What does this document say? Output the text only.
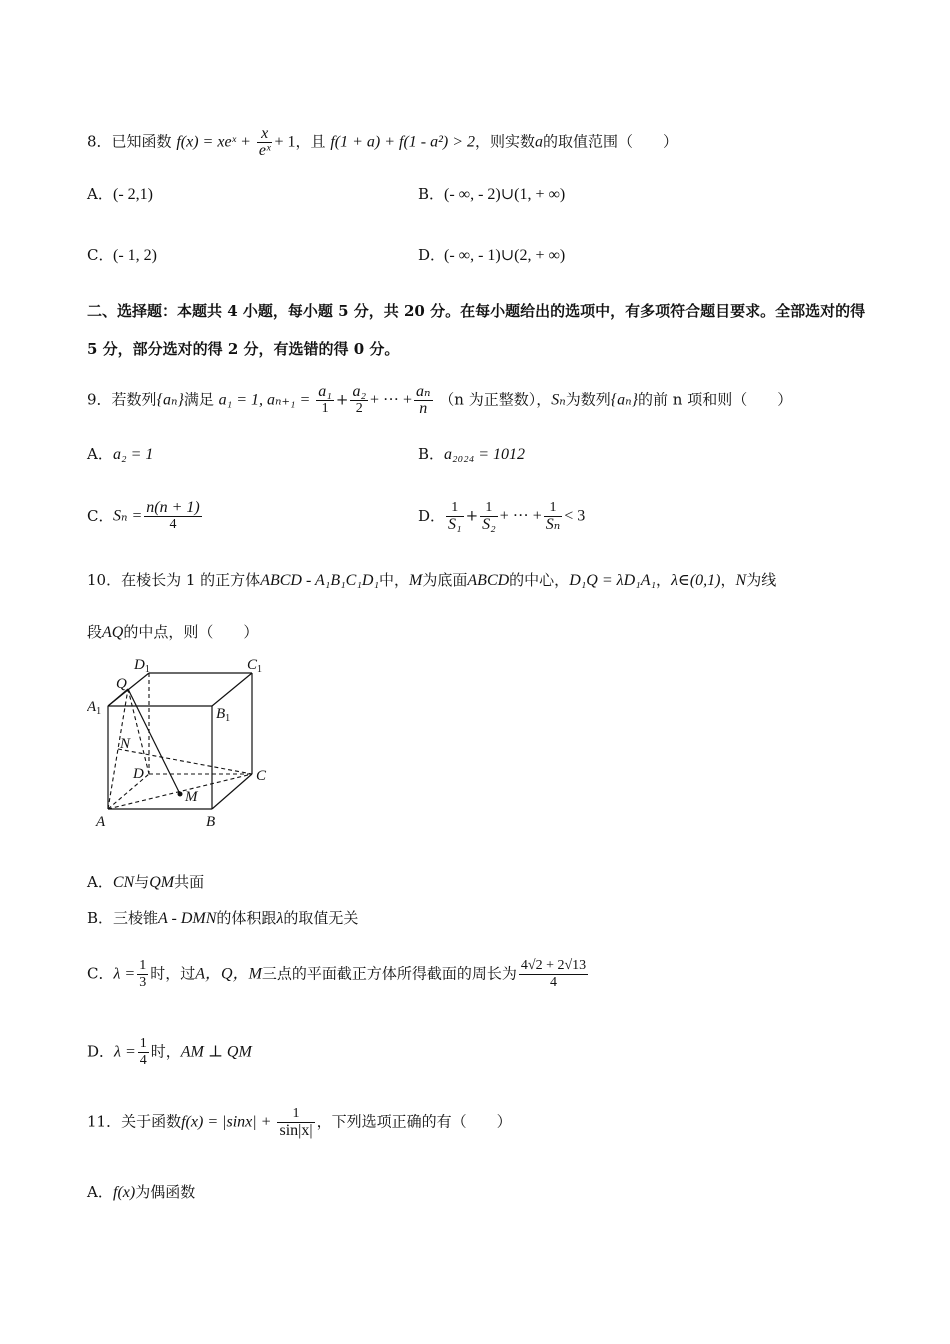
8．已知函数 f(x) = xeˣ + $\frac{x}{\text{eˣ}} + 1$，且 f(1 + a) + f(1 - a²) > 2，则实数a的取值范围（　　）
A．(- 2,1)	B．(- ∞, - 2)∪(1, + ∞)
C．(- 1, 2)	D．(- ∞, - 1)∪(2, + ∞)
二、选择题：本题共 4 小题，每小题 5 分，共 20 分。在每小题给出的选项中，有多项符合题目要求。全部选对的得 5 分，部分选对的得 2 分，有选错的得 0 分。
9．若数列{aₙ}满足 a₁ = 1, $a_{n+1} = \frac{\text{a₁}}{1} + \frac{\text{a₂}}{2}$ + ··· + $\frac{\text{aₙ}}{n} (n$ 为正整数），Sₙ为数列{aₙ}的前 n 项和则（　　）
A．a₂ = 1	B．a₂₀₂₄ = 1012
C．$S_n = \frac{n(n + 1)}{4}$	D． $\frac{1}{\text{S₁}} + \frac{1}{\text{S₂}}$ + ··· + $\frac{1}{\text{Sₙ}} < 3$
10．在棱长为 1 的正方体ABCD - A₁B₁C₁D₁中，M为底面ABCD的中心，D₁Q = λD₁A₁，λ∈(0,1)，N为线
段AQ的中点，则（　　）
$D_1$	$C_1$
Q
$A_1$	$B_1$
N
D	C
M
A	B
A．CN与QM共面
B．三棱锥A - DMN的体积跟λ的取值无关
C．$\lambda = \frac{1}{3}$ 时，过A，Q，M三点的平面截正方体所得截面的周长为 $\frac{4√2 + 2√13}{4}$
D．$\lambda = \frac{1}{4}$ 时，AM ⊥ QM
11．关于函数$f(x) = |\sin x| + \frac{1}{\sin|x|}$ ，下列选项正确的有（　　）
A．f(x)为偶函数
